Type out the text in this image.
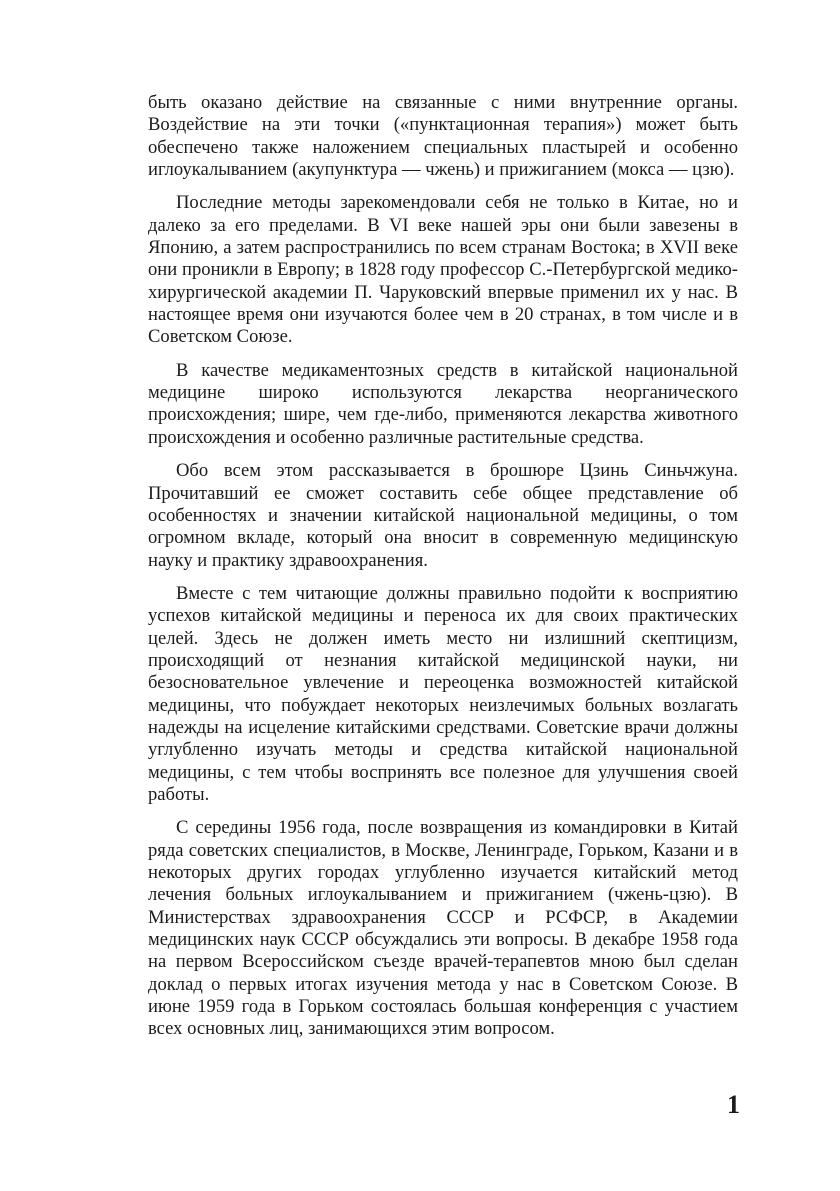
быть оказано действие на связанные с ними внутренние органы. Воздействие на эти точки («пунктационная терапия») может быть обеспечено также наложением специальных пластырей и особенно иглоукалыванием (акупунктура — чжень) и прижиганием (мокса — цзю).

Последние методы зарекомендовали себя не только в Китае, но и далеко за его пределами. В VI веке нашей эры они были завезены в Японию, а затем распространились по всем странам Востока; в XVII веке они проникли в Европу; в 1828 году профессор С.-Петербургской медико-хирургической академии П. Чаруковский впервые применил их у нас. В настоящее время они изучаются более чем в 20 странах, в том числе и в Советском Союзе.

В качестве медикаментозных средств в китайской национальной медицине широко используются лекарства неорганического происхождения; шире, чем где-либо, применяются лекарства животного происхождения и особенно различные растительные средства.

Обо всем этом рассказывается в брошюре Цзинь Синьчжуна. Прочитавший ее сможет составить себе общее представление об особенностях и значении китайской национальной медицины, о том огромном вкладе, который она вносит в современную медицинскую науку и практику здравоохранения.

Вместе с тем читающие должны правильно подойти к восприятию успехов китайской медицины и переноса их для своих практических целей. Здесь не должен иметь место ни излишний скептицизм, происходящий от незнания китайской медицинской науки, ни безосновательное увлечение и переоценка возможностей китайской медицины, что побуждает некоторых неизлечимых больных возлагать надежды на исцеление китайскими средствами. Советские врачи должны углубленно изучать методы и средства китайской национальной медицины, с тем чтобы воспринять все полезное для улучшения своей работы.

С середины 1956 года, после возвращения из командировки в Китай ряда советских специалистов, в Москве, Ленинграде, Горьком, Казани и в некоторых других городах углубленно изучается китайский метод лечения больных иглоукалыванием и прижиганием (чжень-цзю). В Министерствах здравоохранения СССР и РСФСР, в Академии медицинских наук СССР обсуждались эти вопросы. В декабре 1958 года на первом Всероссийском съезде врачей-терапевтов мною был сделан доклад о первых итогах изучения метода у нас в Советском Союзе. В июне 1959 года в Горьком состоялась большая конференция с участием всех основных лиц, занимающихся этим вопросом.

1
